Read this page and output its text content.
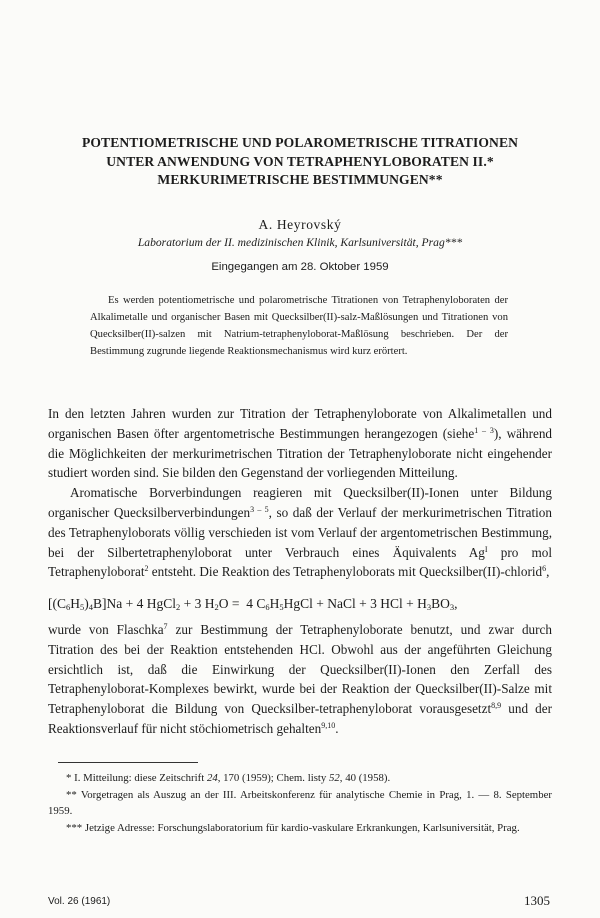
POTENTIOMETRISCHE UND POLAROMETRISCHE TITRATIONEN
UNTER ANWENDUNG VON TETRAPHENYLOBORATEN II.*
MERKURIMETRISCHE BESTIMMUNGEN**
A. Heyrovský
Laboratorium der II. medizinischen Klinik, Karlsuniversität, Prag***
Eingegangen am 28. Oktober 1959
Es werden potentiometrische und polarometrische Titrationen von Tetraphenyloboraten der Alkalimetalle und organischer Basen mit Quecksilber(II)-salz-Maßlösungen und Titrationen von Quecksilber(II)-salzen mit Natrium-tetraphenyloborat-Maßlösung beschrieben. Der der Bestimmung zugrunde liegende Reaktionsmechanismus wird kurz erörtert.

In den letzten Jahren wurden zur Titration der Tetraphenyloborate von Alkalimetallen und organischen Basen öfter argentometrische Bestimmungen herangezogen (siehe$^{1 - 3}$), während die Möglichkeiten der merkurimetrischen Titration der Tetraphenyloborate nicht eingehender studiert worden sind. Sie bilden den Gegenstand der vorliegenden Mitteilung.

Aromatische Borverbindungen reagieren mit Quecksilber(II)-Ionen unter Bildung organischer Quecksilberverbindungen$^{3 - 5}$, so daß der Verlauf der merkurimetrischen Titration des Tetraphenyloborats völlig verschieden ist vom Verlauf der argentometrischen Bestimmung, bei der Silbertetraphenyloborat unter Verbrauch eines Äquivalents $Ag^I$ pro mol Tetraphenyloborat$^2$ entsteht. Die Reaktion des Tetraphenyloborats mit Quecksilber(II)-chlorid$^6$,

$[(C_6H_5)_4B]Na + 4$ HgCl$_2$ + 3 $H_2O = 4$ $C_6H_5HgCl$ + NaCl + 3 HCl + $H_3BO_3$,

wurde von Flaschka$^7$ zur Bestimmung der Tetraphenyloborate benutzt, und zwar durch Titration des bei der Reaktion entstehenden HCl. Obwohl aus der angeführten Gleichung ersichtlich ist, daß die Einwirkung der Quecksilber(II)-Ionen den Zerfall des Tetraphenyloborat-Komplexes bewirkt, wurde bei der Reaktion der Quecksilber(II)-Salze mit Tetraphenyloborat die Bildung von Quecksilber-tetraphenyloborat vorausgesetzt$^{8,9}$ und der Reaktionsverlauf für nicht stöchiometrisch gehalten$^{9,10}$.

* I. Mitteilung: diese Zeitschrift 24, 170 (1959); Chem. listy 52, 40 (1958).

** Vorgetragen als Auszug an der III. Arbeitskonferenz für analytische Chemie in Prag, 1. — 8. September 1959.

*** Jetzige Adresse: Forschungslaboratorium für kardio-vaskulare Erkrankungen, Karlsuniversität, Prag.

Vol. 26 (1961)	1305
